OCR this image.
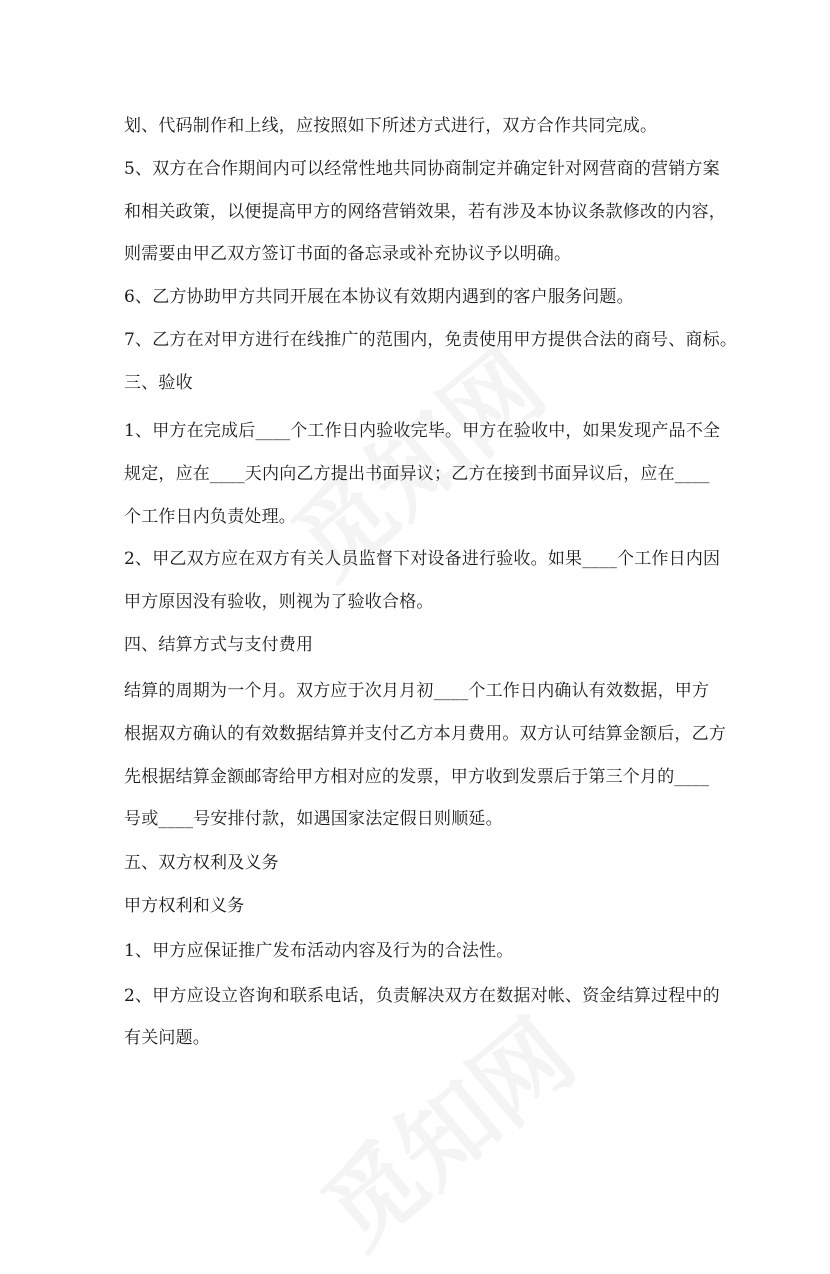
划、代码制作和上线，应按照如下所述方式进行，双方合作共同完成。
5、双方在合作期间内可以经常性地共同协商制定并确定针对网营商的营销方案
和相关政策，以便提高甲方的网络营销效果，若有涉及本协议条款修改的内容，
则需要由甲乙双方签订书面的备忘录或补充协议予以明确。
6、乙方协助甲方共同开展在本协议有效期内遇到的客户服务问题。
7、乙方在对甲方进行在线推广的范围内，免责使用甲方提供合法的商号、商标。
三、验收
1、甲方在完成后____个工作日内验收完毕。甲方在验收中，如果发现产品不全
规定，应在____天内向乙方提出书面异议；乙方在接到书面异议后，应在____
个工作日内负责处理。
2、甲乙双方应在双方有关人员监督下对设备进行验收。如果____个工作日内因
甲方原因没有验收，则视为了验收合格。
四、结算方式与支付费用
结算的周期为一个月。双方应于次月月初____个工作日内确认有效数据，甲方
根据双方确认的有效数据结算并支付乙方本月费用。双方认可结算金额后，乙方
先根据结算金额邮寄给甲方相对应的发票，甲方收到发票后于第三个月的____
号或____号安排付款，如遇国家法定假日则顺延。
五、双方权利及义务
甲方权利和义务
1、甲方应保证推广发布活动内容及行为的合法性。
2、甲方应设立咨询和联系电话，负责解决双方在数据对帐、资金结算过程中的
有关问题。
